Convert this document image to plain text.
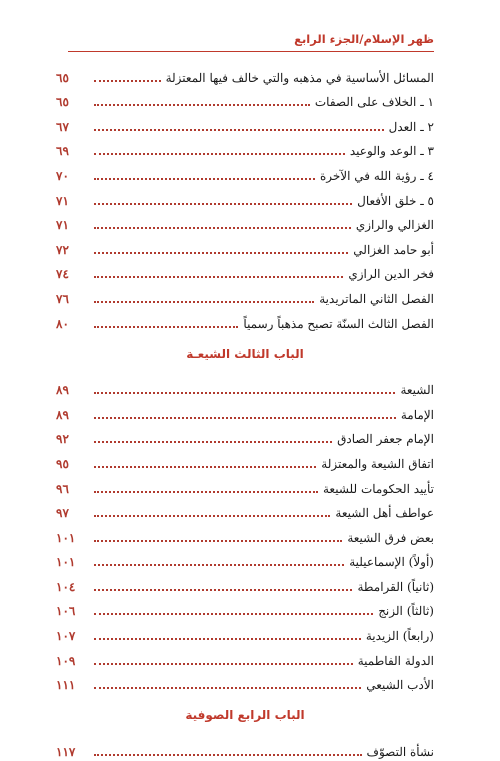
ظهر الإسلام/الجزء الرابع
المسائل الأساسية في مذهبه والتي خالف فيها المعتزلة
٦٥
١ ـ الخلاف على الصفات
٦٥
٢ ـ العدل
٦٧
٣ ـ الوعد والوعيد
٦٩
٤ ـ رؤية الله في الآخرة
٧٠
٥ ـ خلق الأفعال
٧١
الغزالي والرازي
٧١
أبو حامد الغزالي
٧٢
فخر الدين الرازي
٧٤
الفصل الثاني الماتريدية
٧٦
الفصل الثالث السنّة تصبح مذهباً رسمياً
٨٠
الباب الثالث الشيعـة
الشيعة
٨٩
الإمامة
٨٩
الإمام جعفر الصادق
٩٢
اتفاق الشيعة والمعتزلة
٩٥
تأييد الحكومات للشيعة
٩٦
عواطف أهل الشيعة
٩٧
بعض فرق الشيعة
١٠١
(أولاً) الإسماعيلية
١٠١
(ثانياً) القرامطة
١٠٤
(ثالثاً) الزنج
١٠٦
(رابعاً) الزيدية
١٠٧
الدولة الفاطمية
١٠٩
الأدب الشيعي
١١١
الباب الرابع الصوفية
نشأة التصوّف
١١٧
